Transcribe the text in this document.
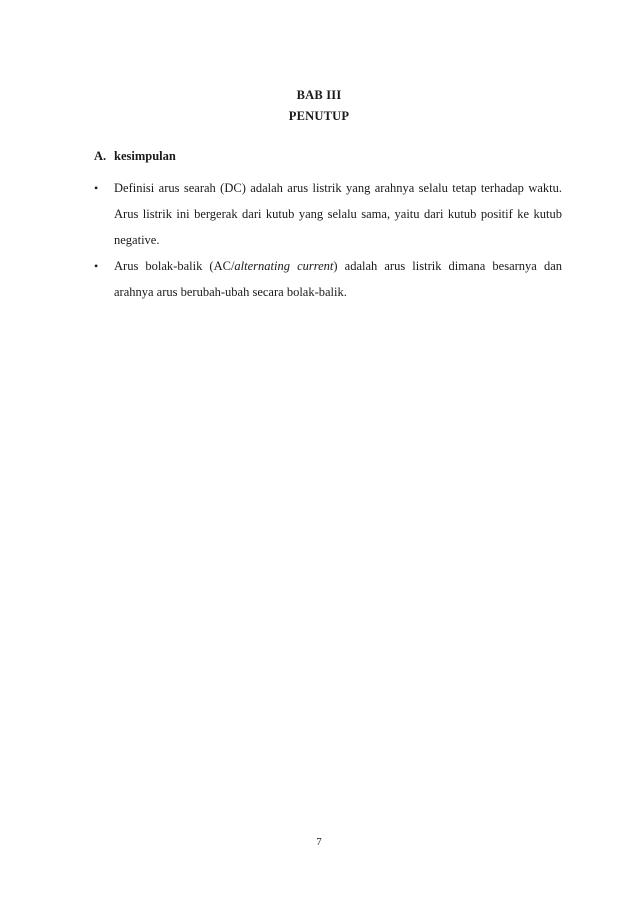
BAB III
PENUTUP
A. kesimpulan
•	Definisi arus searah (DC) adalah arus listrik yang arahnya selalu tetap terhadap waktu. Arus listrik ini bergerak dari kutub yang selalu sama, yaitu dari kutub positif ke kutub negative.
•	Arus bolak-balik (AC/alternating current) adalah arus listrik dimana besarnya dan arahnya arus berubah-ubah secara bolak-balik.
7
